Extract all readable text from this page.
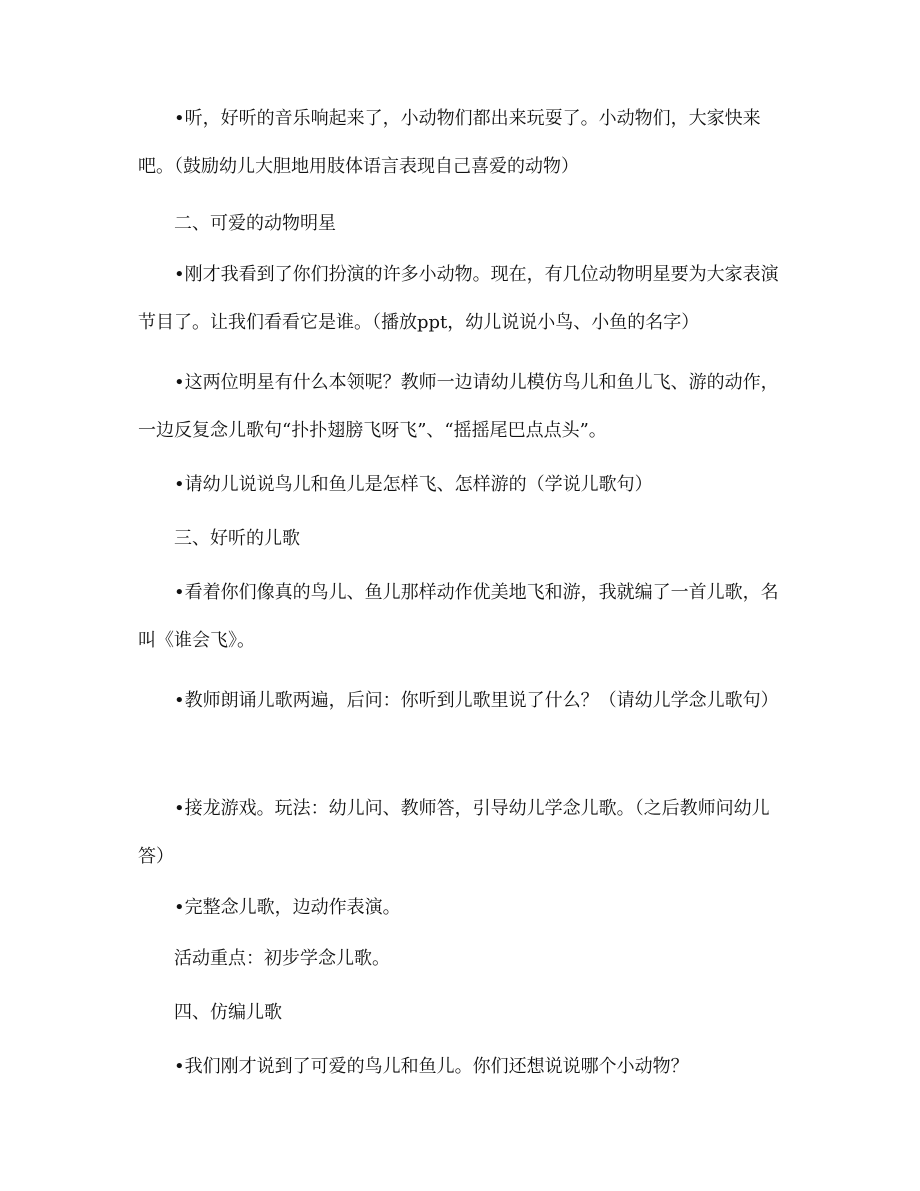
•听，好听的音乐响起来了，小动物们都出来玩耍了。小动物们，大家快来吧。（鼓励幼儿大胆地用肢体语言表现自己喜爱的动物）

二、可爱的动物明星

•刚才我看到了你们扮演的许多小动物。现在，有几位动物明星要为大家表演节目了。让我们看看它是谁。（播放ppt，幼儿说说小鸟、小鱼的名字）

•这两位明星有什么本领呢？教师一边请幼儿模仿鸟儿和鱼儿飞、游的动作，一边反复念儿歌句“扑扑翅膀飞呀飞”、“摇摇尾巴点点头”。

•请幼儿说说鸟儿和鱼儿是怎样飞、怎样游的（学说儿歌句）

三、好听的儿歌

•看着你们像真的鸟儿、鱼儿那样动作优美地飞和游，我就编了一首儿歌，名叫《谁会飞》。

•教师朗诵儿歌两遍，后问：你听到儿歌里说了什么？（请幼儿学念儿歌句）

•接龙游戏。玩法：幼儿问、教师答，引导幼儿学念儿歌。（之后教师问幼儿答）

•完整念儿歌，边动作表演。

活动重点：初步学念儿歌。

四、仿编儿歌

•我们刚才说到了可爱的鸟儿和鱼儿。你们还想说说哪个小动物？
